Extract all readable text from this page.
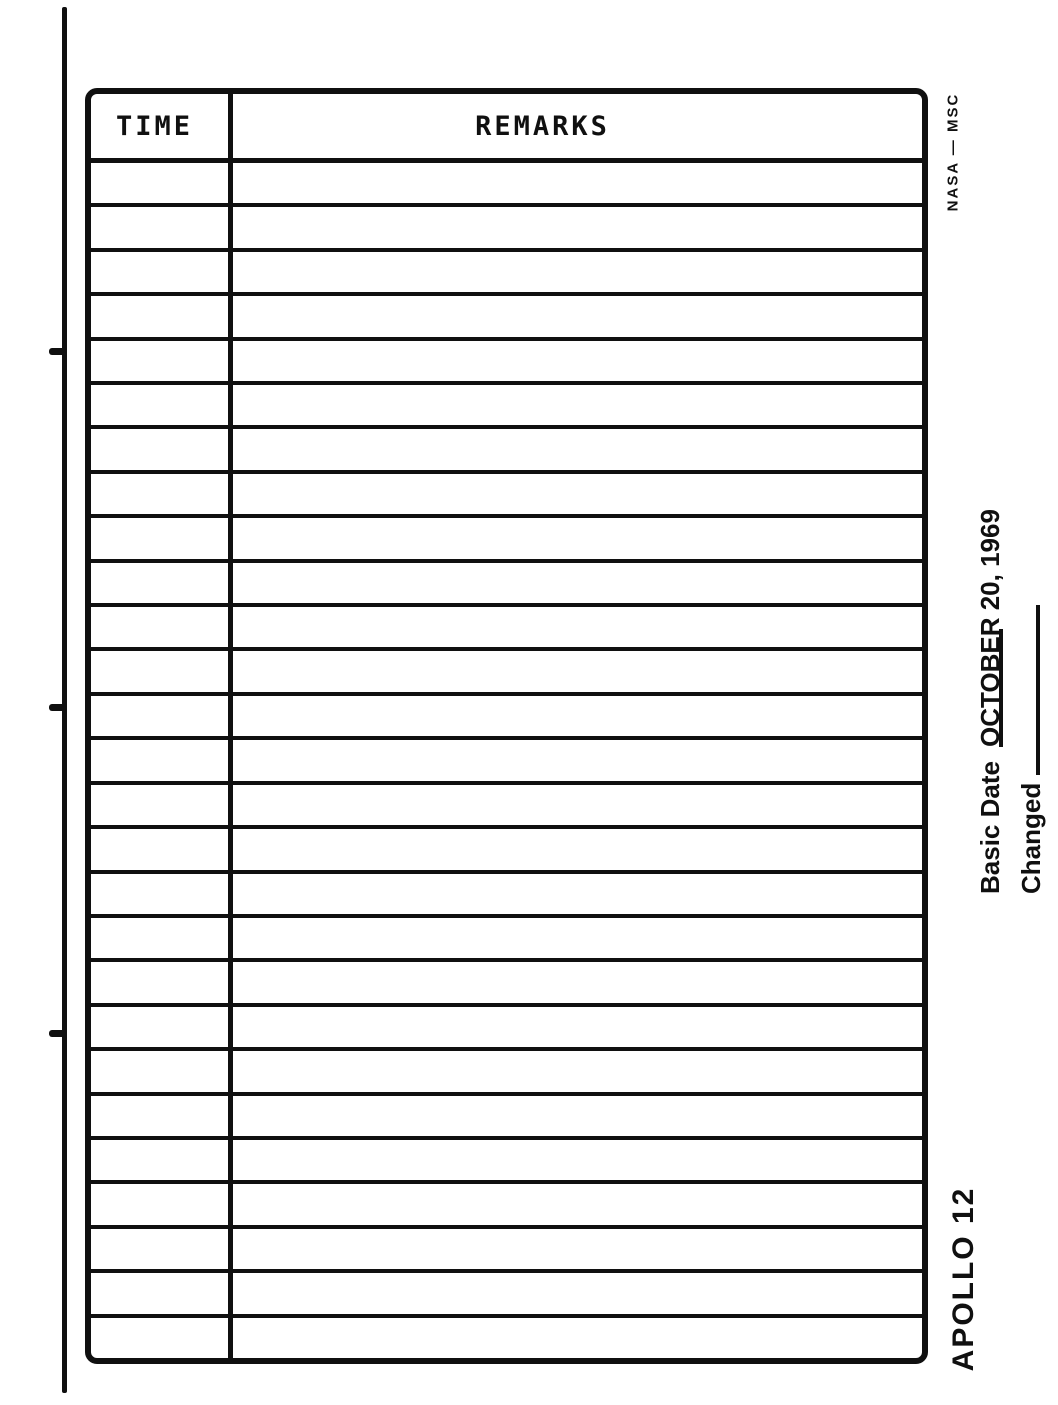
TIME	REMARKS	NASA — MSC
Basic DateOCTOBER 20, 1969
Changed
APOLLO 12
